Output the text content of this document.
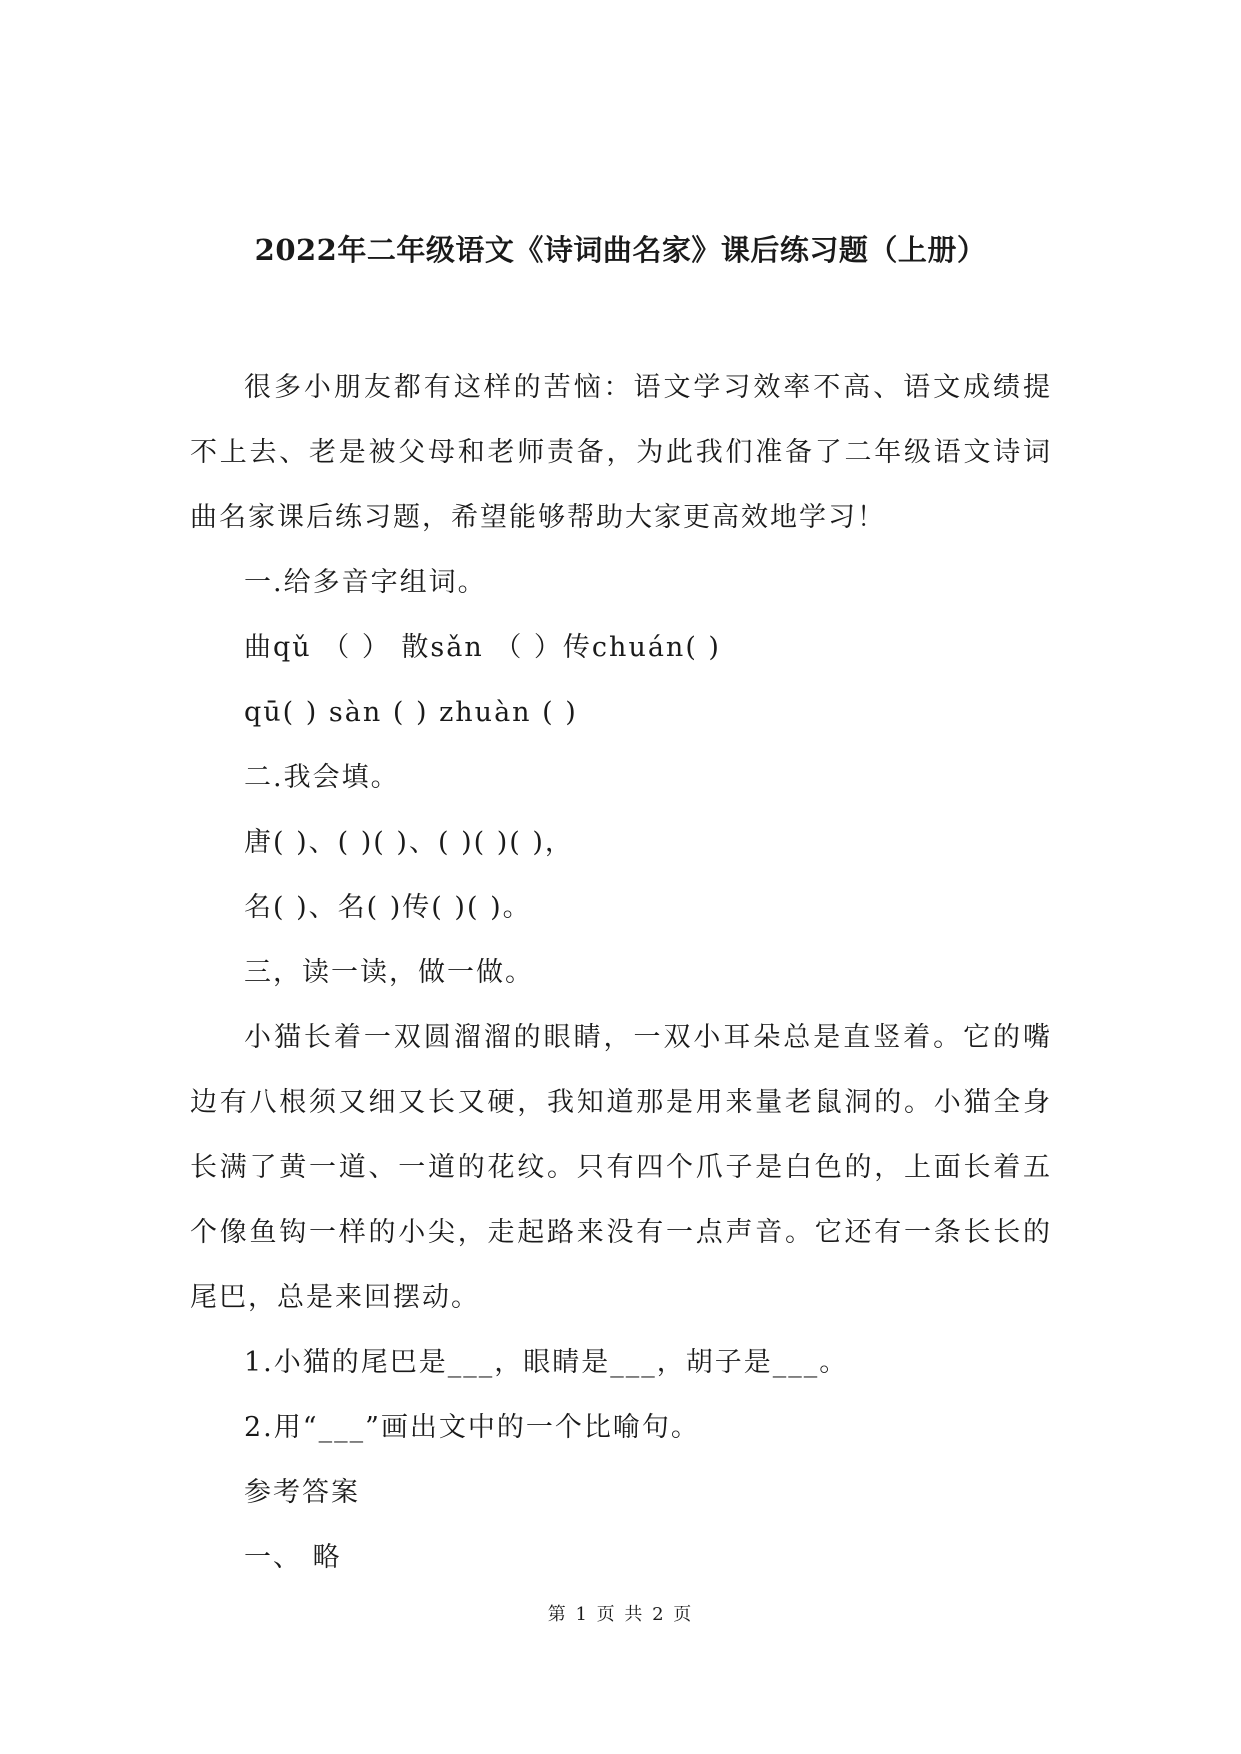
2022年二年级语文《诗词曲名家》课后练习题（上册）

很多小朋友都有这样的苦恼：语文学习效率不高、语文成绩提不上去、老是被父母和老师责备，为此我们准备了二年级语文诗词曲名家课后练习题，希望能够帮助大家更高效地学习！

一.给多音字组词。

曲qǔ （ ） 散sǎn （ ）传chuán( )

qū( ) sàn ( ) zhuàn ( )

二.我会填。

唐( )、( )( )、( )( )( )，

名( )、名( )传( )( )。

三，读一读，做一做。

小猫长着一双圆溜溜的眼睛，一双小耳朵总是直竖着。它的嘴边有八根须又细又长又硬，我知道那是用来量老鼠洞的。小猫全身长满了黄一道、一道的花纹。只有四个爪子是白色的，上面长着五个像鱼钩一样的小尖，走起路来没有一点声音。它还有一条长长的尾巴，总是来回摆动。

1.小猫的尾巴是___，眼睛是___，胡子是___。

2.用“___”画出文中的一个比喻句。

参考答案

一、 略

第 1 页 共 2 页
